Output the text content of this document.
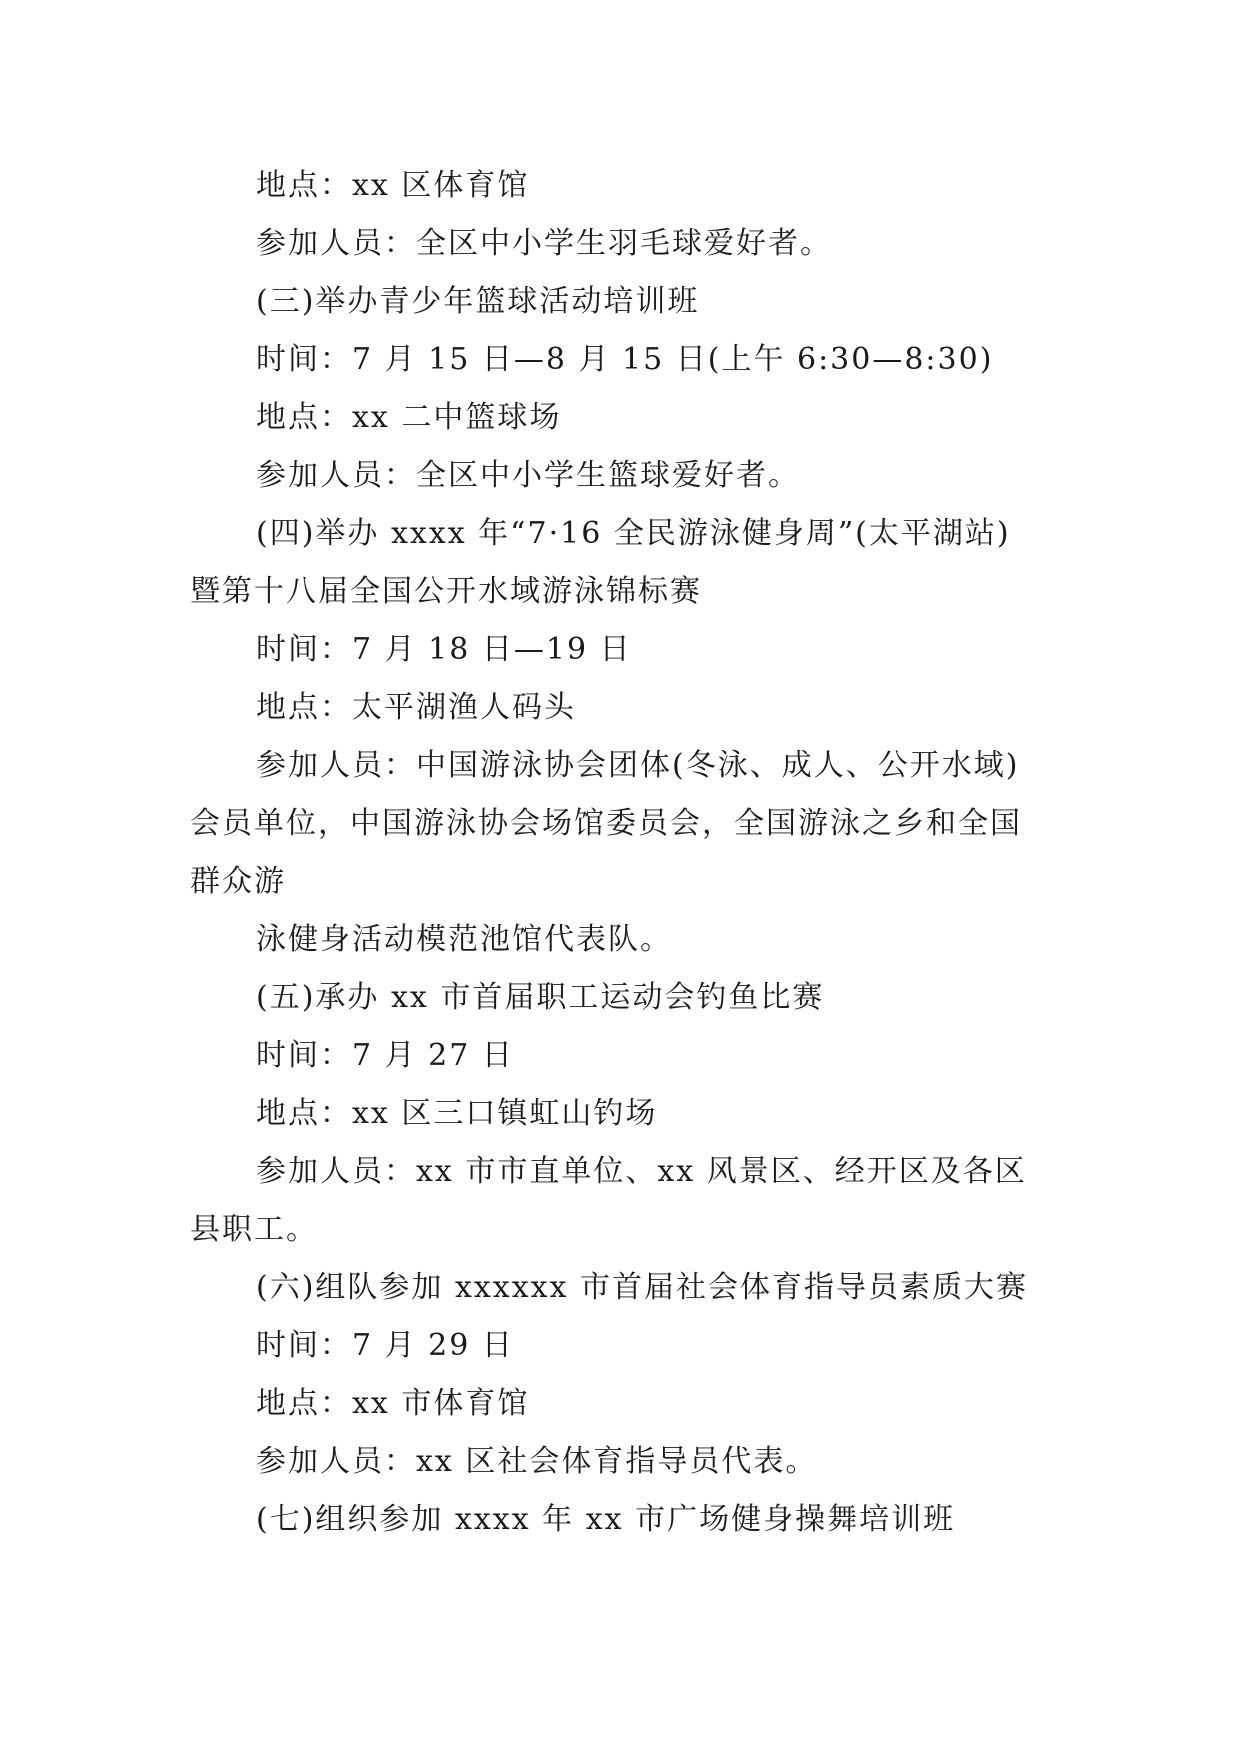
地点：xx 区体育馆
参加人员：全区中小学生羽毛球爱好者。
(三)举办青少年篮球活动培训班
时间：7 月 15 日—8 月 15 日(上午 6:30—8:30)
地点：xx 二中篮球场
参加人员：全区中小学生篮球爱好者。
(四)举办 xxxx 年“7·16 全民游泳健身周”(太平湖站)
暨第十八届全国公开水域游泳锦标赛
时间：7 月 18 日—19 日
地点：太平湖渔人码头
参加人员：中国游泳协会团体(冬泳、成人、公开水域)
会员单位，中国游泳协会场馆委员会，全国游泳之乡和全国
群众游
泳健身活动模范池馆代表队。
(五)承办 xx 市首届职工运动会钓鱼比赛
时间：7 月 27 日
地点：xx 区三口镇虹山钓场
参加人员：xx 市市直单位、xx 风景区、经开区及各区
县职工。
(六)组队参加 xxxxxx 市首届社会体育指导员素质大赛
时间：7 月 29 日
地点：xx 市体育馆
参加人员：xx 区社会体育指导员代表。
(七)组织参加 xxxx 年 xx 市广场健身操舞培训班
